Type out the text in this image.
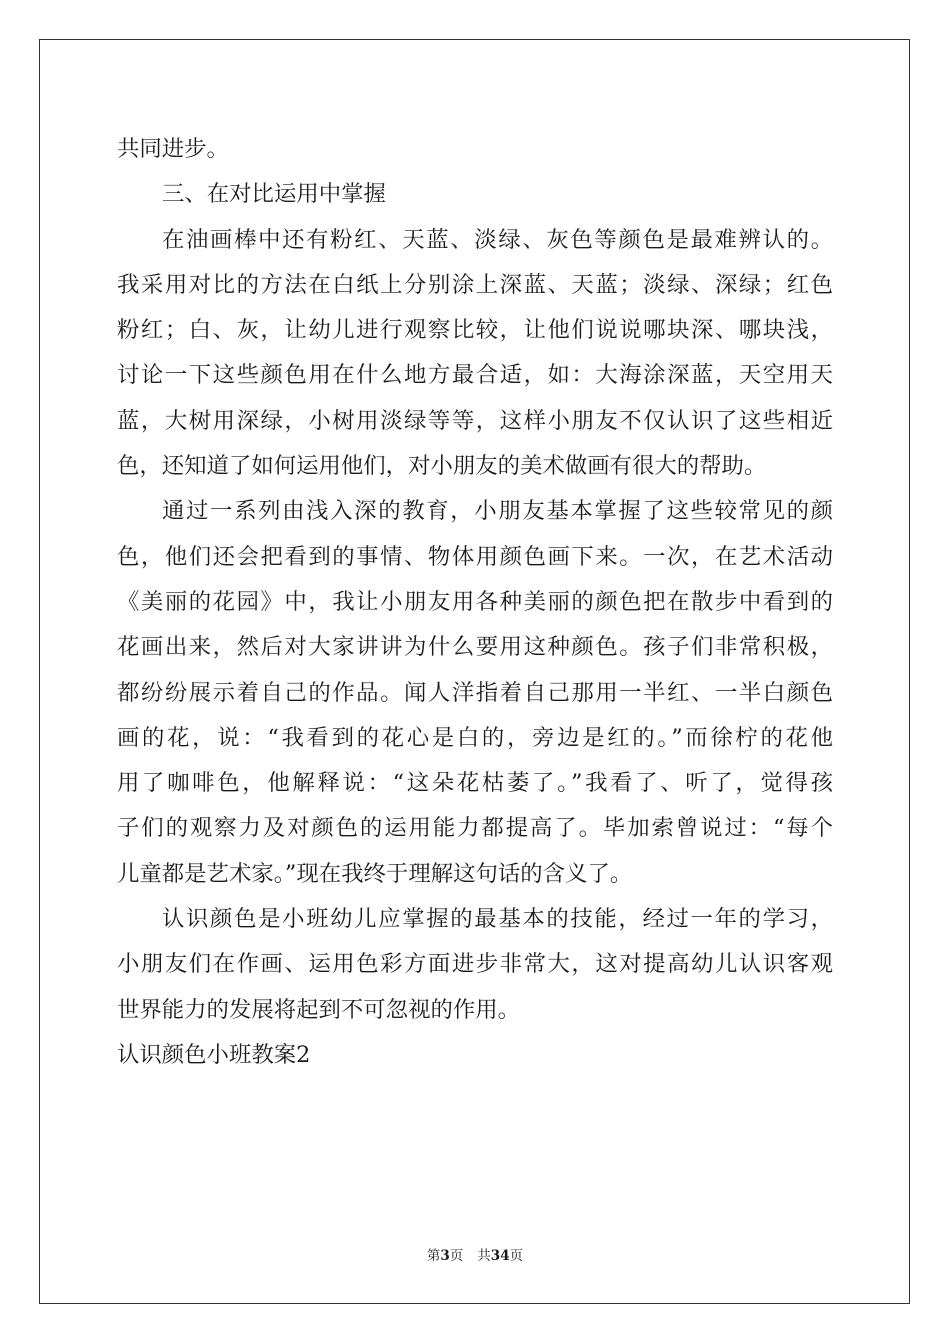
共同进步。
三、在对比运用中掌握
在油画棒中还有粉红、天蓝、淡绿、灰色等颜色是最难辨认的。
我采用对比的方法在白纸上分别涂上深蓝、天蓝；淡绿、深绿；红色
粉红；白、灰，让幼儿进行观察比较，让他们说说哪块深、哪块浅，
讨论一下这些颜色用在什么地方最合适，如：大海涂深蓝，天空用天
蓝，大树用深绿，小树用淡绿等等，这样小朋友不仅认识了这些相近
色，还知道了如何运用他们，对小朋友的美术做画有很大的帮助。
通过一系列由浅入深的教育，小朋友基本掌握了这些较常见的颜
色，他们还会把看到的事情、物体用颜色画下来。一次，在艺术活动
《美丽的花园》中，我让小朋友用各种美丽的颜色把在散步中看到的
花画出来，然后对大家讲讲为什么要用这种颜色。孩子们非常积极，
都纷纷展示着自己的作品。闻人洋指着自己那用一半红、一半白颜色
画的花，说：“我看到的花心是白的，旁边是红的。”而徐柠的花他
用了咖啡色，他解释说：“这朵花枯萎了。”我看了、听了，觉得孩
子们的观察力及对颜色的运用能力都提高了。毕加索曾说过：“每个
儿童都是艺术家。”现在我终于理解这句话的含义了。
认识颜色是小班幼儿应掌握的最基本的技能，经过一年的学习，
小朋友们在作画、运用色彩方面进步非常大，这对提高幼儿认识客观
世界能力的发展将起到不可忽视的作用。
认识颜色小班教案2
第3页 共34页
